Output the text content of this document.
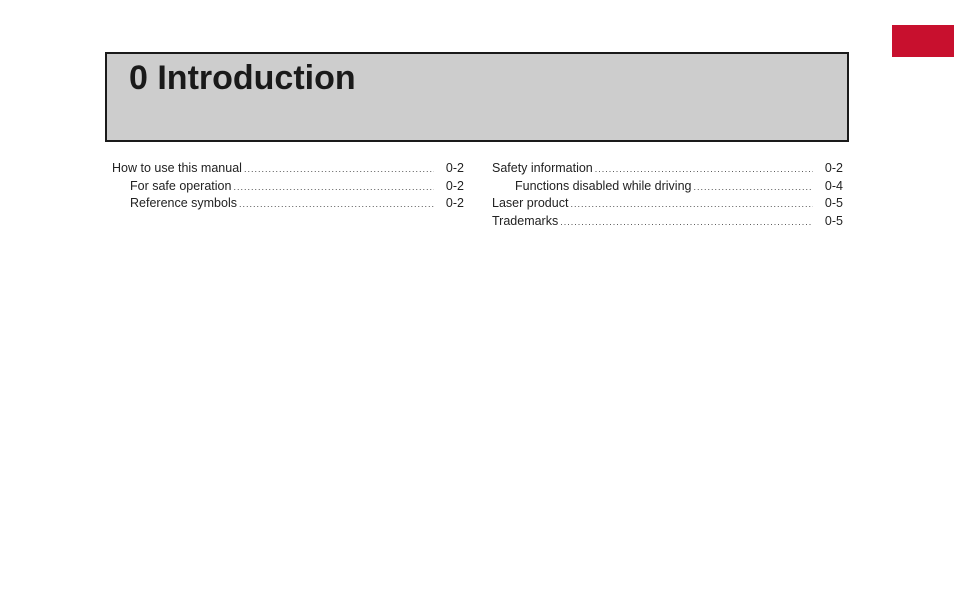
0 Introduction
How to use this manual .....	0-2
For safe operation .....	0-2
Reference symbols .....	0-2
Safety information .....	0-2
Functions disabled while driving .....	0-4
Laser product .....	0-5
Trademarks .....	0-5
